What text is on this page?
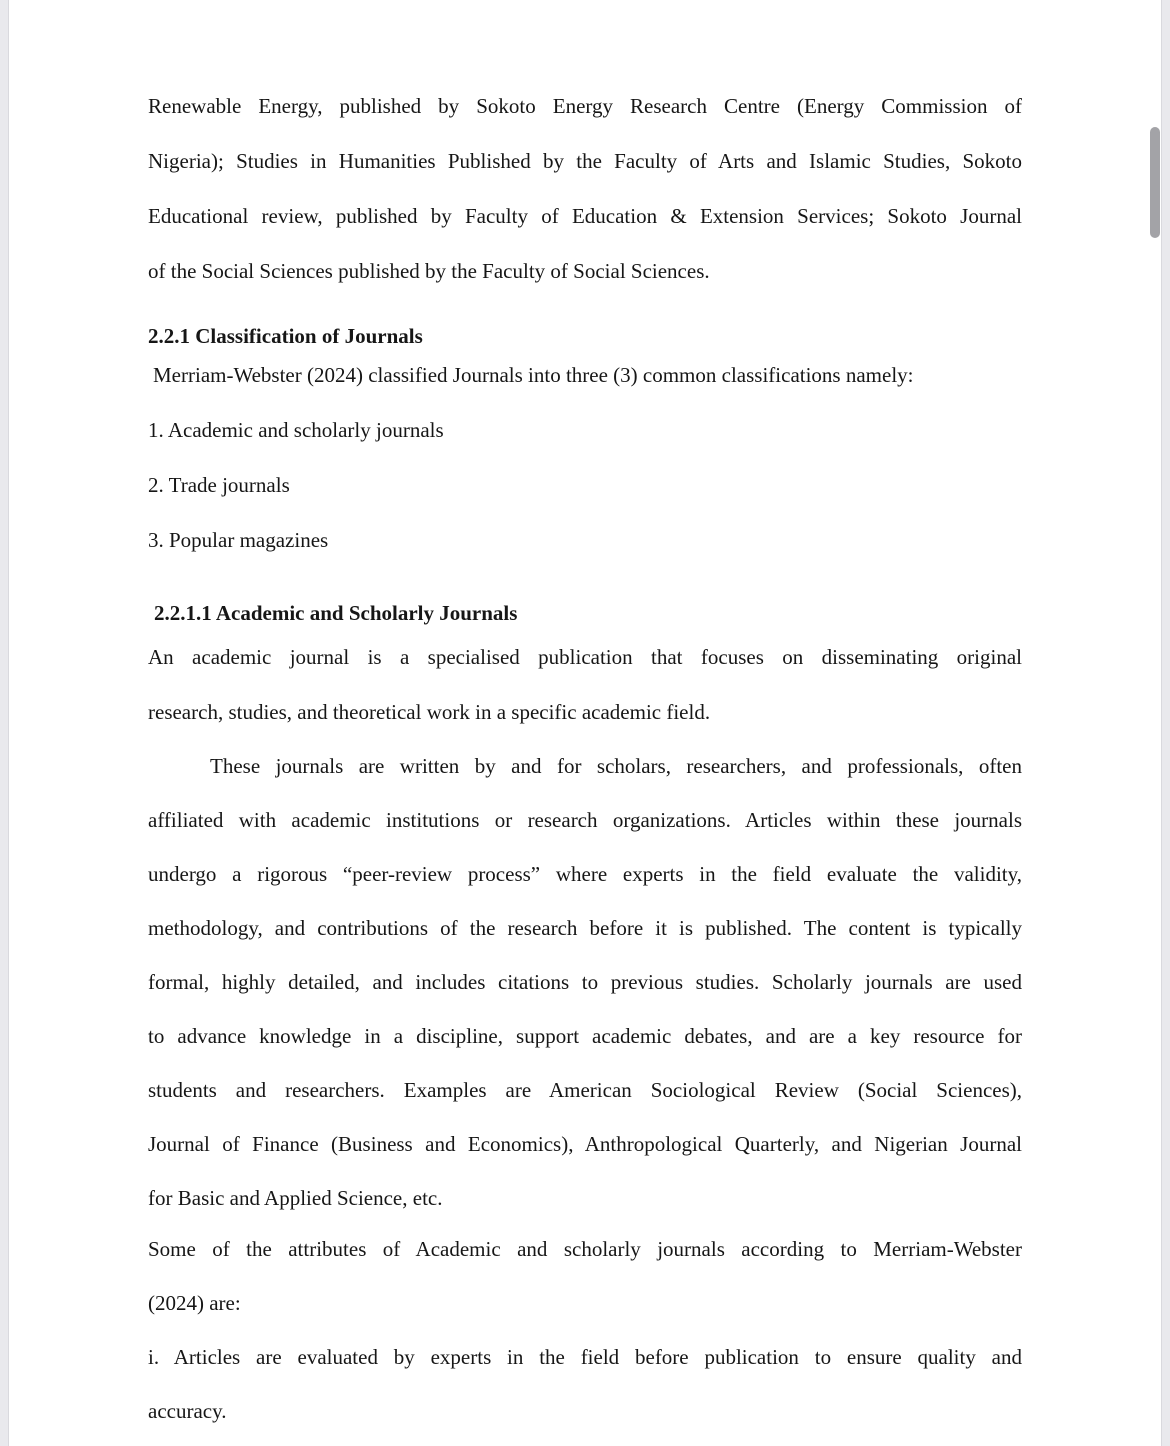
Renewable Energy, published by Sokoto Energy Research Centre (Energy Commission of
Nigeria); Studies in Humanities Published by the Faculty of Arts and Islamic Studies, Sokoto
Educational review, published by Faculty of Education & Extension Services; Sokoto Journal
of the Social Sciences published by the Faculty of Social Sciences.
2.2.1 Classification of Journals
Merriam-Webster (2024) classified Journals into three (3) common classifications namely:
1. Academic and scholarly journals
2. Trade journals
3. Popular magazines
2.2.1.1 Academic and Scholarly Journals
An academic journal is a specialised publication that focuses on disseminating original
research, studies, and theoretical work in a specific academic field.
These journals are written by and for scholars, researchers, and professionals, often
affiliated with academic institutions or research organizations. Articles within these journals
undergo a rigorous “peer-review process” where experts in the field evaluate the validity,
methodology, and contributions of the research before it is published. The content is typically
formal, highly detailed, and includes citations to previous studies. Scholarly journals are used
to advance knowledge in a discipline, support academic debates, and are a key resource for
students and researchers. Examples are American Sociological Review (Social Sciences),
Journal of Finance (Business and Economics), Anthropological Quarterly, and Nigerian Journal
for Basic and Applied Science, etc.
Some of the attributes of Academic and scholarly journals according to Merriam-Webster
(2024) are:
i. Articles are evaluated by experts in the field before publication to ensure quality and
accuracy.
